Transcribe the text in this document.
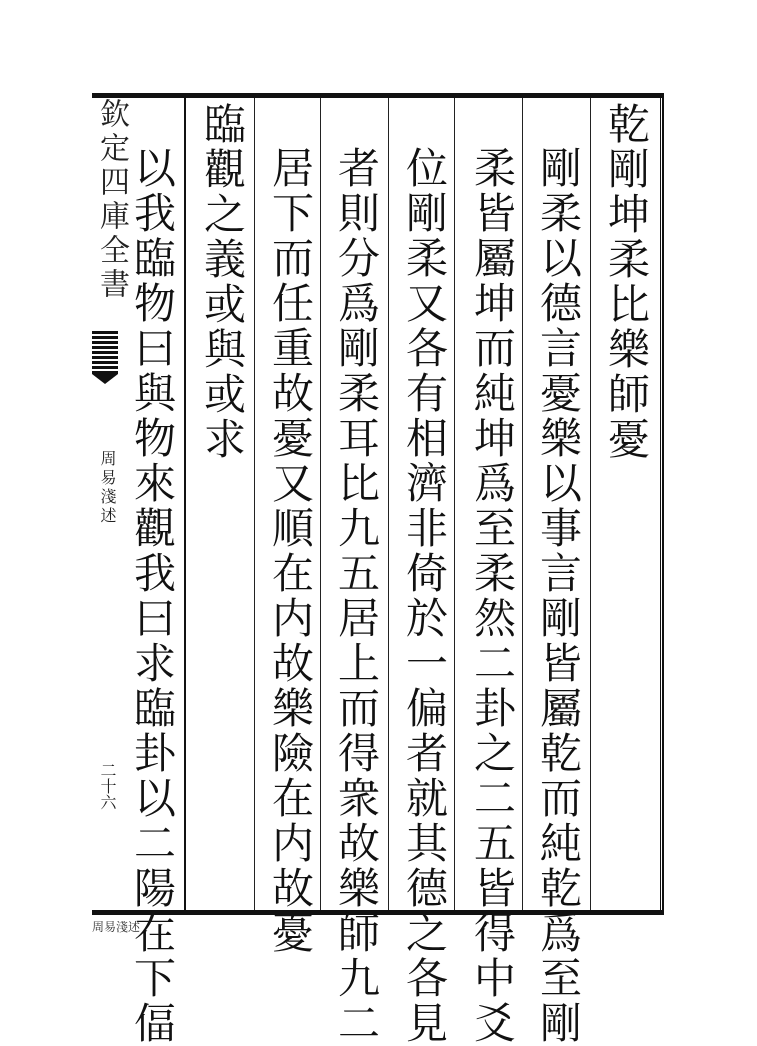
乾剛坤柔比樂師憂
剛柔以德言憂樂以事言剛皆屬乾而純乾爲至剛
柔皆屬坤而純坤爲至柔然二卦之二五皆得中爻
位剛柔又各有相濟非倚於一偏者就其德之各見
者則分爲剛柔耳比九五居上而得衆故樂師九二
居下而任重故憂又順在内故樂險在内故憂
臨觀之義或與或求
以我臨物曰與物來觀我曰求臨卦以二陽在下偪
欽定四庫全書
周易淺述
二十六
周易淺述
